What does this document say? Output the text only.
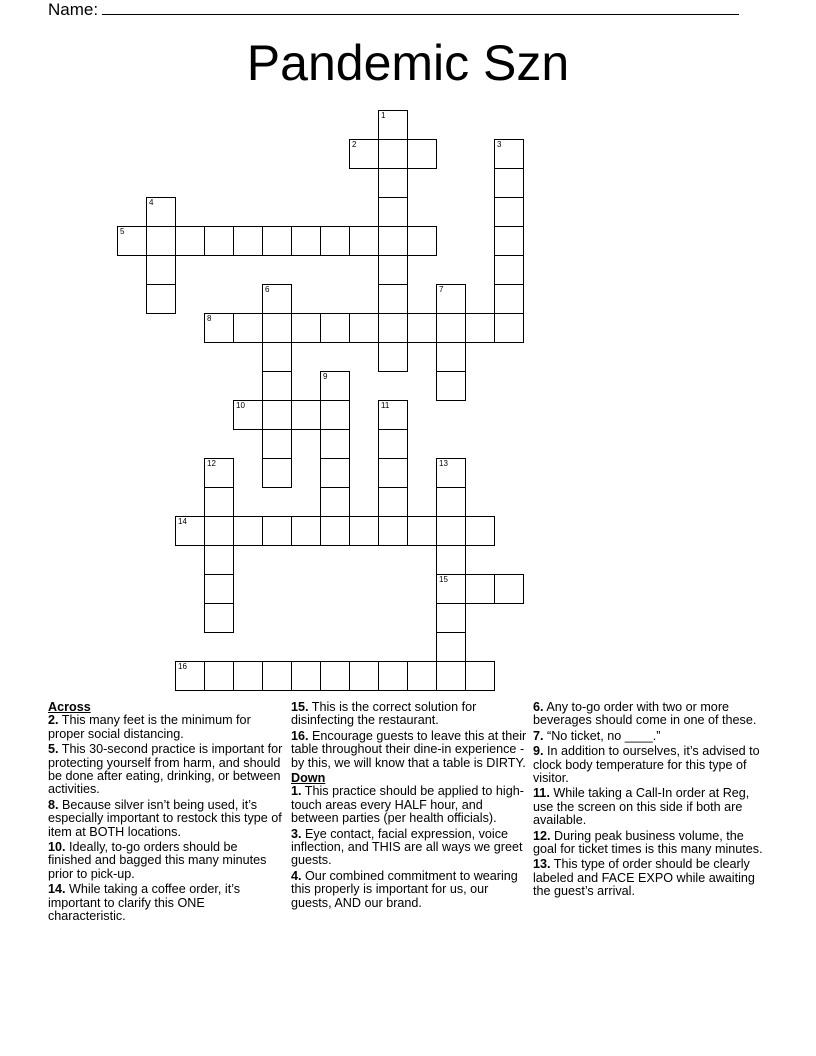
Name:
Pandemic Szn
1
2	3
4
5
6	7
8
9
10	11
12	13
15
14
16
Across
2. This many feet is the minimum for proper social distancing.
5. This 30-second practice is important for protecting yourself from harm, and should be done after eating, drinking, or between activities.
8. Because silver isn’t being used, it’s especially important to restock this type of item at BOTH locations.
10. Ideally, to-go orders should be finished and bagged this many minutes prior to pick-up.
14. While taking a coffee order, it’s important to clarify this ONE characteristic.
15. This is the correct solution for disinfecting the restaurant.
16. Encourage guests to leave this at their table throughout their dine-in experience - by this, we will know that a table is DIRTY.
Down
1. This practice should be applied to high-touch areas every HALF hour, and between parties (per health officials).
3. Eye contact, facial expression, voice inflection, and THIS are all ways we greet guests.
4. Our combined commitment to wearing this properly is important for us, our guests, AND our brand.
6. Any to-go order with two or more beverages should come in one of these.
7. “No ticket, no ____.”
9. In addition to ourselves, it’s advised to clock body temperature for this type of visitor.
11. While taking a Call-In order at Reg, use the screen on this side if both are available.
12. During peak business volume, the goal for ticket times is this many minutes.
13. This type of order should be clearly labeled and FACE EXPO while awaiting the guest’s arrival.
